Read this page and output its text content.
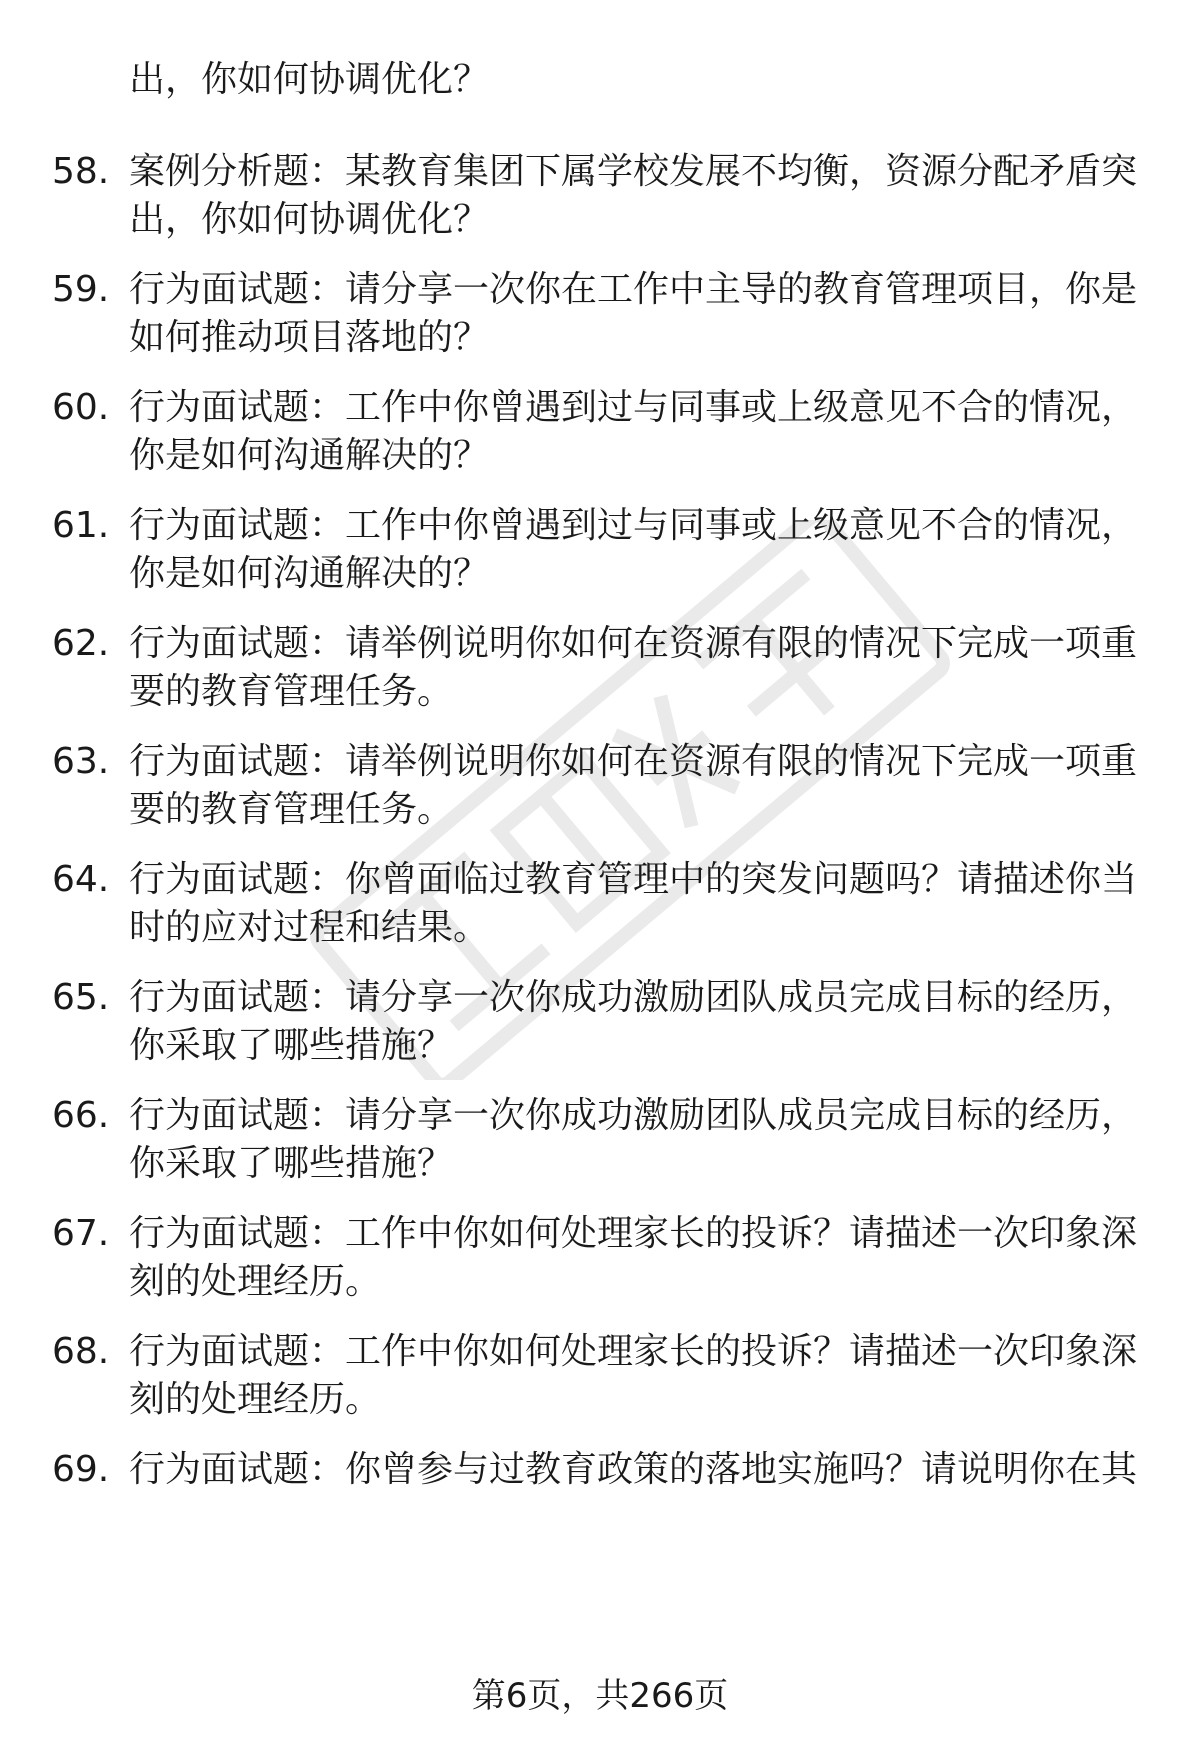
出，你如何协调优化？
58. 案例分析题：某教育集团下属学校发展不均衡，资源分配矛盾突
出，你如何协调优化？
59. 行为面试题：请分享一次你在工作中主导的教育管理项目，你是
如何推动项目落地的？
60. 行为面试题：工作中你曾遇到过与同事或上级意见不合的情况，
你是如何沟通解决的？
61. 行为面试题：工作中你曾遇到过与同事或上级意见不合的情况，
你是如何沟通解决的？
62. 行为面试题：请举例说明你如何在资源有限的情况下完成一项重
要的教育管理任务。
63. 行为面试题：请举例说明你如何在资源有限的情况下完成一项重
要的教育管理任务。
64. 行为面试题：你曾面临过教育管理中的突发问题吗？请描述你当
时的应对过程和结果。
65. 行为面试题：请分享一次你成功激励团队成员完成目标的经历，
你采取了哪些措施？
66. 行为面试题：请分享一次你成功激励团队成员完成目标的经历，
你采取了哪些措施？
67. 行为面试题：工作中你如何处理家长的投诉？请描述一次印象深
刻的处理经历。
68. 行为面试题：工作中你如何处理家长的投诉？请描述一次印象深
刻的处理经历。
69. 行为面试题：你曾参与过教育政策的落地实施吗？请说明你在其
第6页，共266页
